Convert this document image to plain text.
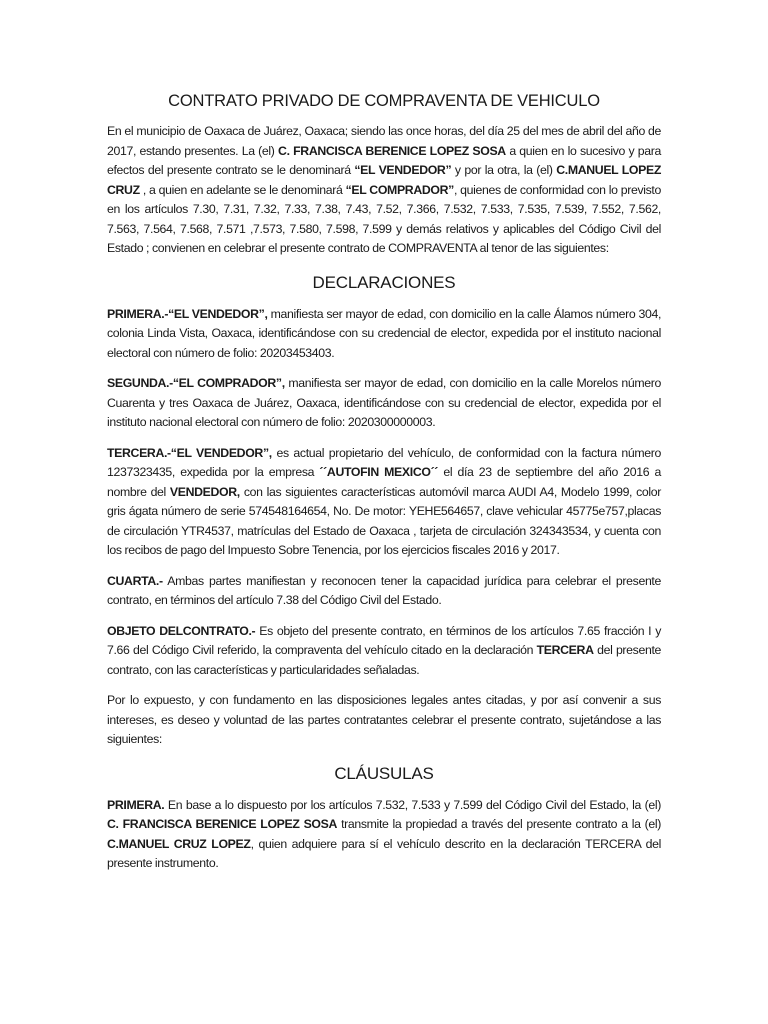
CONTRATO PRIVADO DE COMPRAVENTA DE VEHICULO

En el municipio de Oaxaca de Juárez, Oaxaca; siendo las once horas, del día 25 del mes de abril del año de 2017, estando presentes. La (el) C. FRANCISCA BERENICE LOPEZ SOSA a quien en lo sucesivo y para efectos del presente contrato se le denominará “EL VENDEDOR” y por la otra, la (el) C.MANUEL LOPEZ CRUZ , a quien en adelante se le denominará “EL COMPRADOR”, quienes de conformidad con lo previsto en los artículos 7.30, 7.31, 7.32, 7.33, 7.38, 7.43, 7.52, 7.366, 7.532, 7.533, 7.535, 7.539, 7.552, 7.562, 7.563, 7.564, 7.568, 7.571 ,7.573, 7.580, 7.598, 7.599 y demás relativos y aplicables del Código Civil del Estado ; convienen en celebrar el presente contrato de COMPRAVENTA al tenor de las siguientes:

DECLARACIONES

PRIMERA.-“EL VENDEDOR”, manifiesta ser mayor de edad, con domicilio en la calle Álamos número 304, colonia Linda Vista, Oaxaca, identificándose con su credencial de elector, expedida por el instituto nacional electoral con número de folio: 20203453403.

SEGUNDA.-“EL COMPRADOR”, manifiesta ser mayor de edad, con domicilio en la calle Morelos número Cuarenta y tres Oaxaca de Juárez, Oaxaca, identificándose con su credencial de elector, expedida por el instituto nacional electoral con número de folio: 2020300000003.

TERCERA.-“EL VENDEDOR”, es actual propietario del vehículo, de conformidad con la factura número 1237323435, expedida por la empresa ´´AUTOFIN MEXICO´´ el día 23 de septiembre del año 2016 a nombre del VENDEDOR, con las siguientes características automóvil marca AUDI A4, Modelo 1999, color gris ágata número de serie 574548164654, No. De motor: YEHE564657, clave vehicular 45775e757,placas de circulación YTR4537, matrículas del Estado de Oaxaca , tarjeta de circulación 324343534, y cuenta con los recibos de pago del Impuesto Sobre Tenencia, por los ejercicios fiscales 2016 y 2017.

CUARTA.- Ambas partes manifiestan y reconocen tener la capacidad jurídica para celebrar el presente contrato, en términos del artículo 7.38 del Código Civil del Estado.

OBJETO DELCONTRATO.- Es objeto del presente contrato, en términos de los artículos 7.65 fracción I y 7.66 del Código Civil referido, la compraventa del vehículo citado en la declaración TERCERA del presente contrato, con las características y particularidades señaladas.

Por lo expuesto, y con fundamento en las disposiciones legales antes citadas, y por así convenir a sus intereses, es deseo y voluntad de las partes contratantes celebrar el presente contrato, sujetándose a las siguientes:

CLÁUSULAS

PRIMERA. En base a lo dispuesto por los artículos 7.532, 7.533 y 7.599 del Código Civil del Estado, la (el) C. FRANCISCA BERENICE LOPEZ SOSA transmite la propiedad a través del presente contrato a la (el) C.MANUEL CRUZ LOPEZ, quien adquiere para sí el vehículo descrito en la declaración TERCERA del presente instrumento.
